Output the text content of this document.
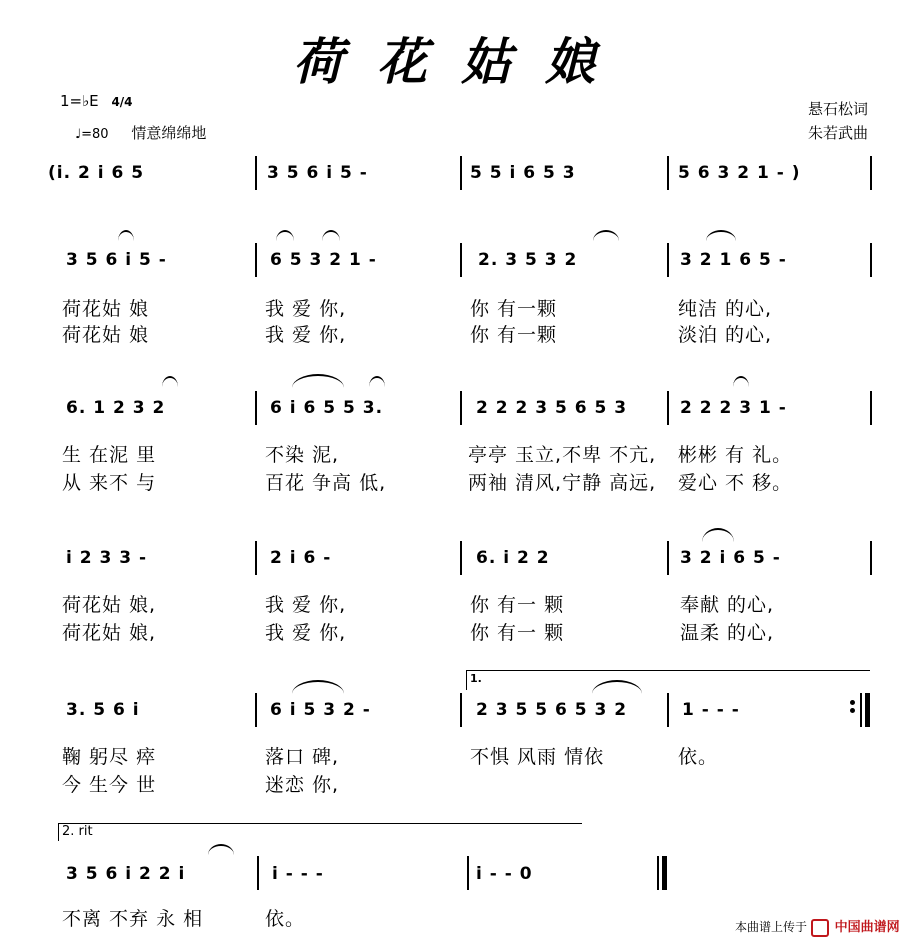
荷花姑娘
1=♭E 4/4
♩=80 情意绵绵地
悬石松词
朱若武曲
(i. 2 i 6 5	3 5 6 i 5 -	5 5 i 6 5 3	5 6 3 2 1 - )
3 5 6 i 5 -	6 5 3 2 1 -	2. 3 5 3 2	3 2 1 6 5 -
荷花姑 娘	我 爱 你,	你 有一颗	纯洁 的心,
荷花姑 娘	我 爱 你,	你 有一颗	淡泊 的心,
6. 1 2 3 2	6 i 6 5 5 3.	2 2 2 3 5 6 5 3	2 2 2 3 1 -
生 在泥 里	不染 泥,	亭亭 玉立,不卑 不亢, 彬彬 有 礼。
从 来不 与	百花 争高 低,	两袖 清风,宁静 高远, 爱心 不 移。
i 2 3 3 -	2 i 6 -	6. i 2 2	3 2 i 6 5 -
荷花姑 娘,	我 爱 你,	你 有一 颗	奉献 的心,
荷花姑 娘,	我 爱 你,	你 有一 颗	温柔 的心,
1.
3. 5 6 i	6 i 5 3 2 -	2 3 5 5 6 5 3 2	1 - - -
鞠 躬尽 瘁	落口 碑,	不惧 风雨 情依	依。
今 生今 世	迷恋 你,
2. rit
3 5 6 i 2 2 i	i - - -	i - - 0
不离 不弃 永 相	依。	本曲谱上传于 中国曲谱网
